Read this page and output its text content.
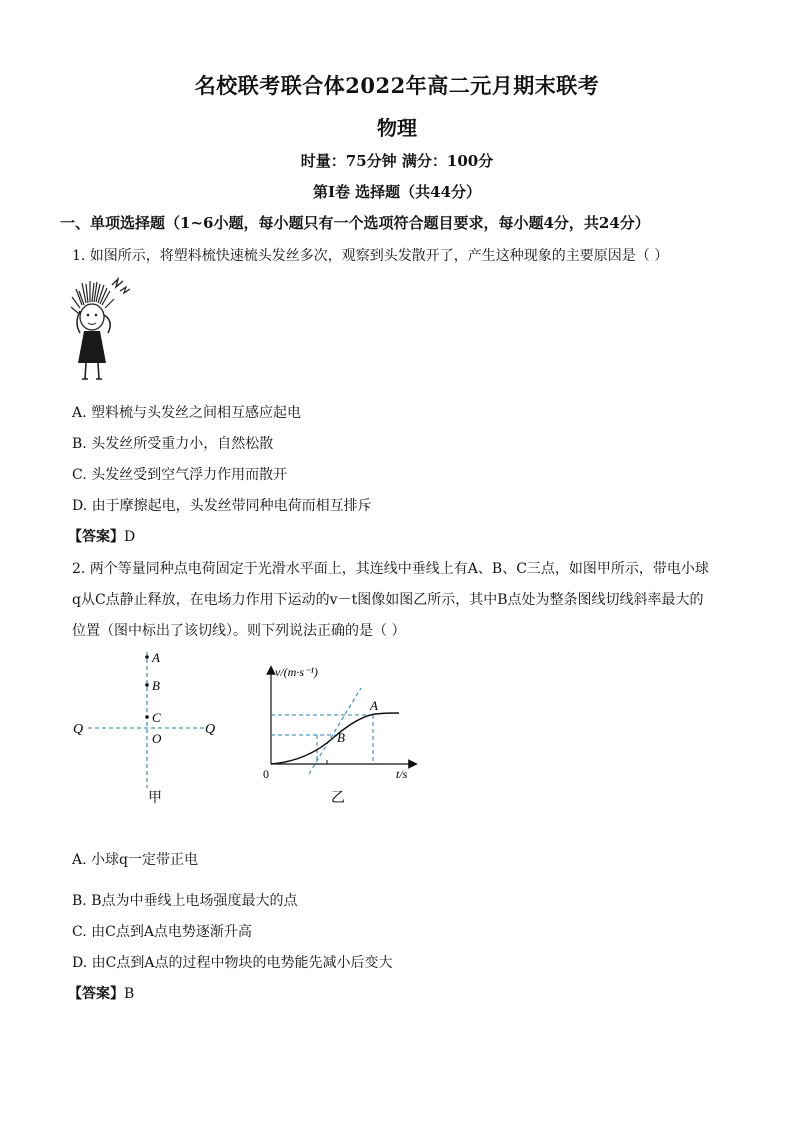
名校联考联合体2022年高二元月期末联考
物理
时量：75分钟 满分：100分
第I卷 选择题（共44分）
一、单项选择题（1~6小题，每小题只有一个选项符合题目要求，每小题4分，共24分）
1. 如图所示，将塑料梳快速梳头发丝多次，观察到头发散开了，产生这种现象的主要原因是（ ）
A. 塑料梳与头发丝之间相互感应起电
B. 头发丝所受重力小，自然松散
C. 头发丝受到空气浮力作用而散开
D. 由于摩擦起电，头发丝带同种电荷而相互排斥
【答案】D
2. 两个等量同种点电荷固定于光滑水平面上，其连线中垂线上有A、B、C三点，如图甲所示，带电小球
q从C点静止释放，在电场力作用下运动的v－t图像如图乙所示，其中B点处为整条图线切线斜率最大的
位置（图中标出了该切线）。则下列说法正确的是（ ）
A
B
C
O
Q	Q
甲
v/(m·s⁻¹)
t/s
0
A
B
乙
A. 小球q一定带正电
B. B点为中垂线上电场强度最大的点
C. 由C点到A点电势逐渐升高
D. 由C点到A点的过程中物块的电势能先减小后变大
【答案】B
